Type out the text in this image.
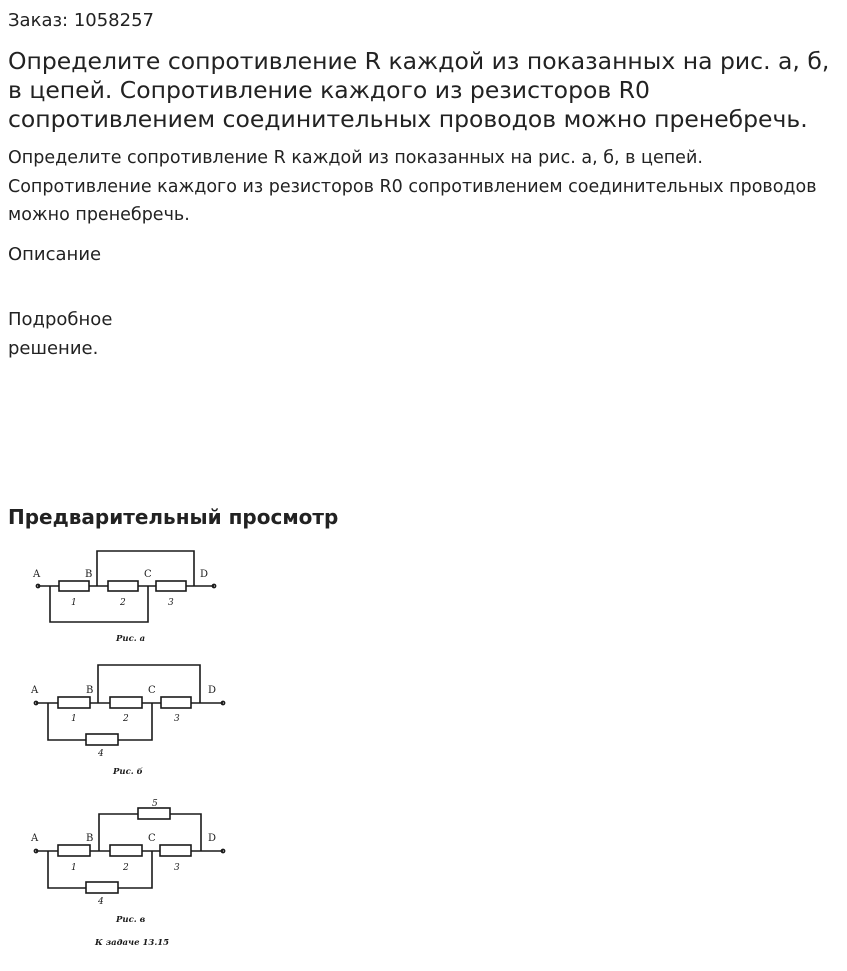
Заказ: 1058257
Определите сопротивление R каждой из показанных на рис. а, б, в цепей. Сопротивление каждого из резисторов R0 сопротивлением соединительных проводов можно пренебречь.

Определите сопротивление R каждой из показанных на рис. а, б, в цепей. Сопротивление каждого из резисторов R0 сопротивлением соединительных проводов можно пренебречь.

Описание
Подробное решение.
Предварительный просмотр
A	B	C	D
1	2	3
Рис. а
A	B	C	D
1	2	3
4
Рис. б
A	B	C	D
5
1	2	3
4
Рис. в
К задаче 13.15
